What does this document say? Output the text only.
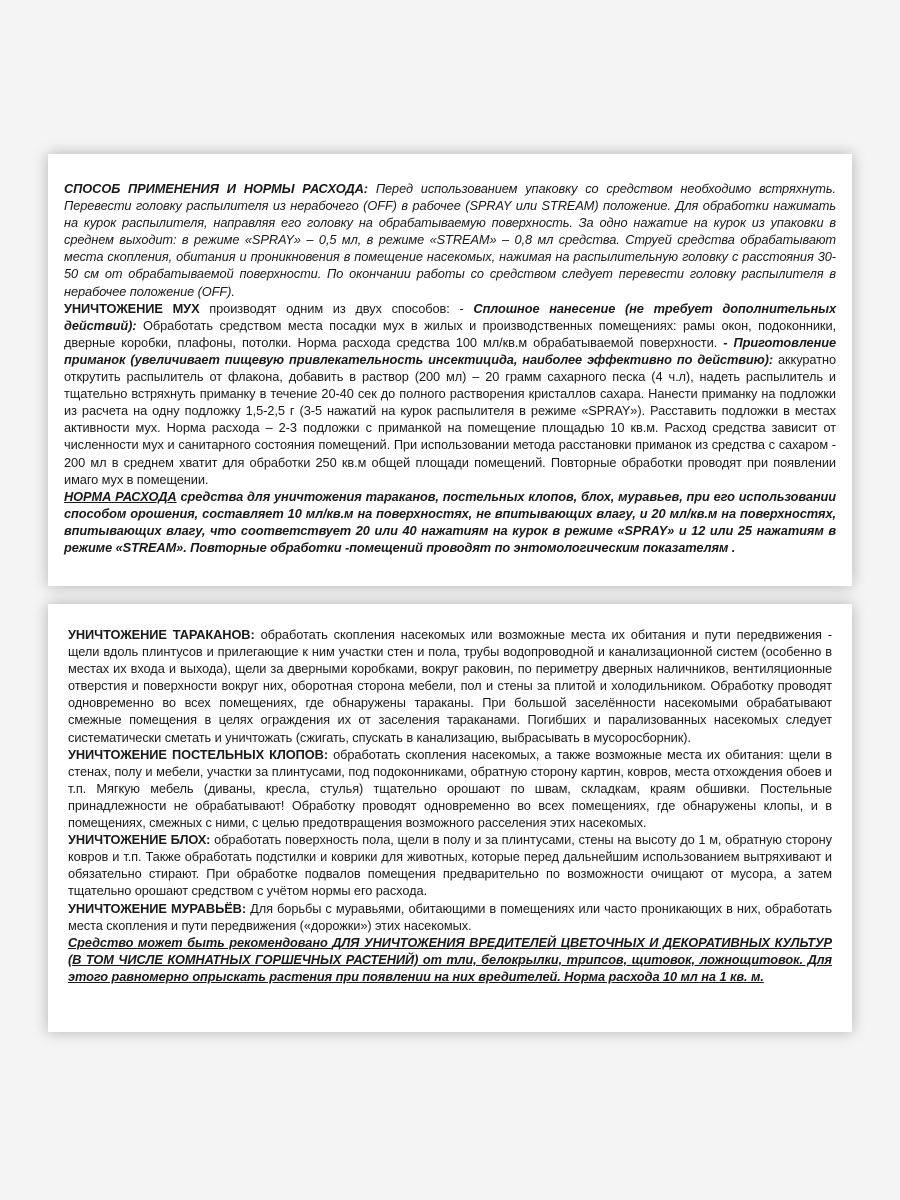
СПОСОБ ПРИМЕНЕНИЯ И НОРМЫ РАСХОДА: Перед использованием упаковку со средством необходимо встряхнуть. Перевести головку распылителя из нерабочего (OFF) в рабочее (SPRAY или STREAM) положение. Для обработки нажимать на курок распылителя, направляя его головку на обрабатываемую поверхность. За одно нажатие на курок из упаковки в среднем выходит: в режиме «SPRAY» – 0,5 мл, в режиме «STREAM» – 0,8 мл средства. Струей средства обрабатывают места скопления, обитания и проникновения в помещение насекомых, нажимая на распылительную головку с расстояния 30-50 см от обрабатываемой поверхности. По окончании работы со средством следует перевести головку распылителя в нерабочее положение (OFF).

УНИЧТОЖЕНИЕ МУХ производят одним из двух способов: - Сплошное нанесение (не требует дополнительных действий): Обработать средством места посадки мух в жилых и производственных помещениях: рамы окон, подоконники, дверные коробки, плафоны, потолки. Норма расхода средства 100 мл/кв.м обрабатываемой поверхности. - Приготовление приманок (увеличивает пищевую привлекательность инсектицида, наиболее эффективно по действию): аккуратно открутить распылитель от флакона, добавить в раствор (200 мл) – 20 грамм сахарного песка (4 ч.л), надеть распылитель и тщательно встряхнуть приманку в течение 20-40 сек до полного растворения кристаллов сахара. Нанести приманку на подложки из расчета на одну подложку 1,5-2,5 г (3-5 нажатий на курок распылителя в режиме «SPRAY»). Расставить подложки в местах активности мух. Норма расхода – 2-3 подложки с приманкой на помещение площадью 10 кв.м. Расход средства зависит от численности мух и санитарного состояния помещений. При использовании метода расстановки приманок из средства с сахаром - 200 мл в среднем хватит для обработки 250 кв.м общей площади помещений. Повторные обработки проводят при появлении имаго мух в помещении.

НОРМА РАСХОДА средства для уничтожения тараканов, постельных клопов, блох, муравьев, при его использовании способом орошения, составляет 10 мл/кв.м на поверхностях, не впитывающих влагу, и 20 мл/кв.м на поверхностях, впитывающих влагу, что соответствует 20 или 40 нажатиям на курок в режиме «SPRAY» и 12 или 25 нажатиям в режиме «STREAM». Повторные обработки -помещений проводят по энтомологическим показателям .

УНИЧТОЖЕНИЕ ТАРАКАНОВ: обработать скопления насекомых или возможные места их обитания и пути передвижения - щели вдоль плинтусов и прилегающие к ним участки стен и пола, трубы водопроводной и канализационной систем (особенно в местах их входа и выхода), щели за дверными коробками, вокруг раковин, по периметру дверных наличников, вентиляционные отверстия и поверхности вокруг них, оборотная сторона мебели, пол и стены за плитой и холодильником. Обработку проводят одновременно во всех помещениях, где обнаружены тараканы. При большой заселённости насекомыми обрабатывают смежные помещения в целях ограждения их от заселения тараканами. Погибших и парализованных насекомых следует систематически сметать и уничтожать (сжигать, спускать в канализацию, выбрасывать в мусоросборник).

УНИЧТОЖЕНИЕ ПОСТЕЛЬНЫХ КЛОПОВ: обработать скопления насекомых, а также возможные места их обитания: щели в стенах, полу и мебели, участки за плинтусами, под подоконниками, обратную сторону картин, ковров, места отхождения обоев и т.п. Мягкую мебель (диваны, кресла, стулья) тщательно орошают по швам, складкам, краям обшивки. Постельные принадлежности не обрабатывают! Обработку проводят одновременно во всех помещениях, где обнаружены клопы, и в помещениях, смежных с ними, с целью предотвращения возможного расселения этих насекомых.

УНИЧТОЖЕНИЕ БЛОХ: обработать поверхность пола, щели в полу и за плинтусами, стены на высоту до 1 м, обратную сторону ковров и т.п. Также обработать подстилки и коврики для животных, которые перед дальнейшим использованием вытряхивают и обязательно стирают. При обработке подвалов помещения предварительно по возможности очищают от мусора, а затем тщательно орошают средством с учётом нормы его расхода.

УНИЧТОЖЕНИЕ МУРАВЬЁВ: Для борьбы с муравьями, обитающими в помещениях или часто проникающих в них, обработать места скопления и пути передвижения («дорожки») этих насекомых.

Средство может быть рекомендовано ДЛЯ УНИЧТОЖЕНИЯ ВРЕДИТЕЛЕЙ ЦВЕТОЧНЫХ И ДЕКОРАТИВНЫХ КУЛЬТУР (В ТОМ ЧИСЛЕ КОМНАТНЫХ ГОРШЕЧНЫХ РАСТЕНИЙ) от тли, белокрылки, трипсов, щитовок, ложнощитовок. Для этого равномерно опрыскать растения при появлении на них вредителей. Норма расхода 10 мл на 1 кв. м.
